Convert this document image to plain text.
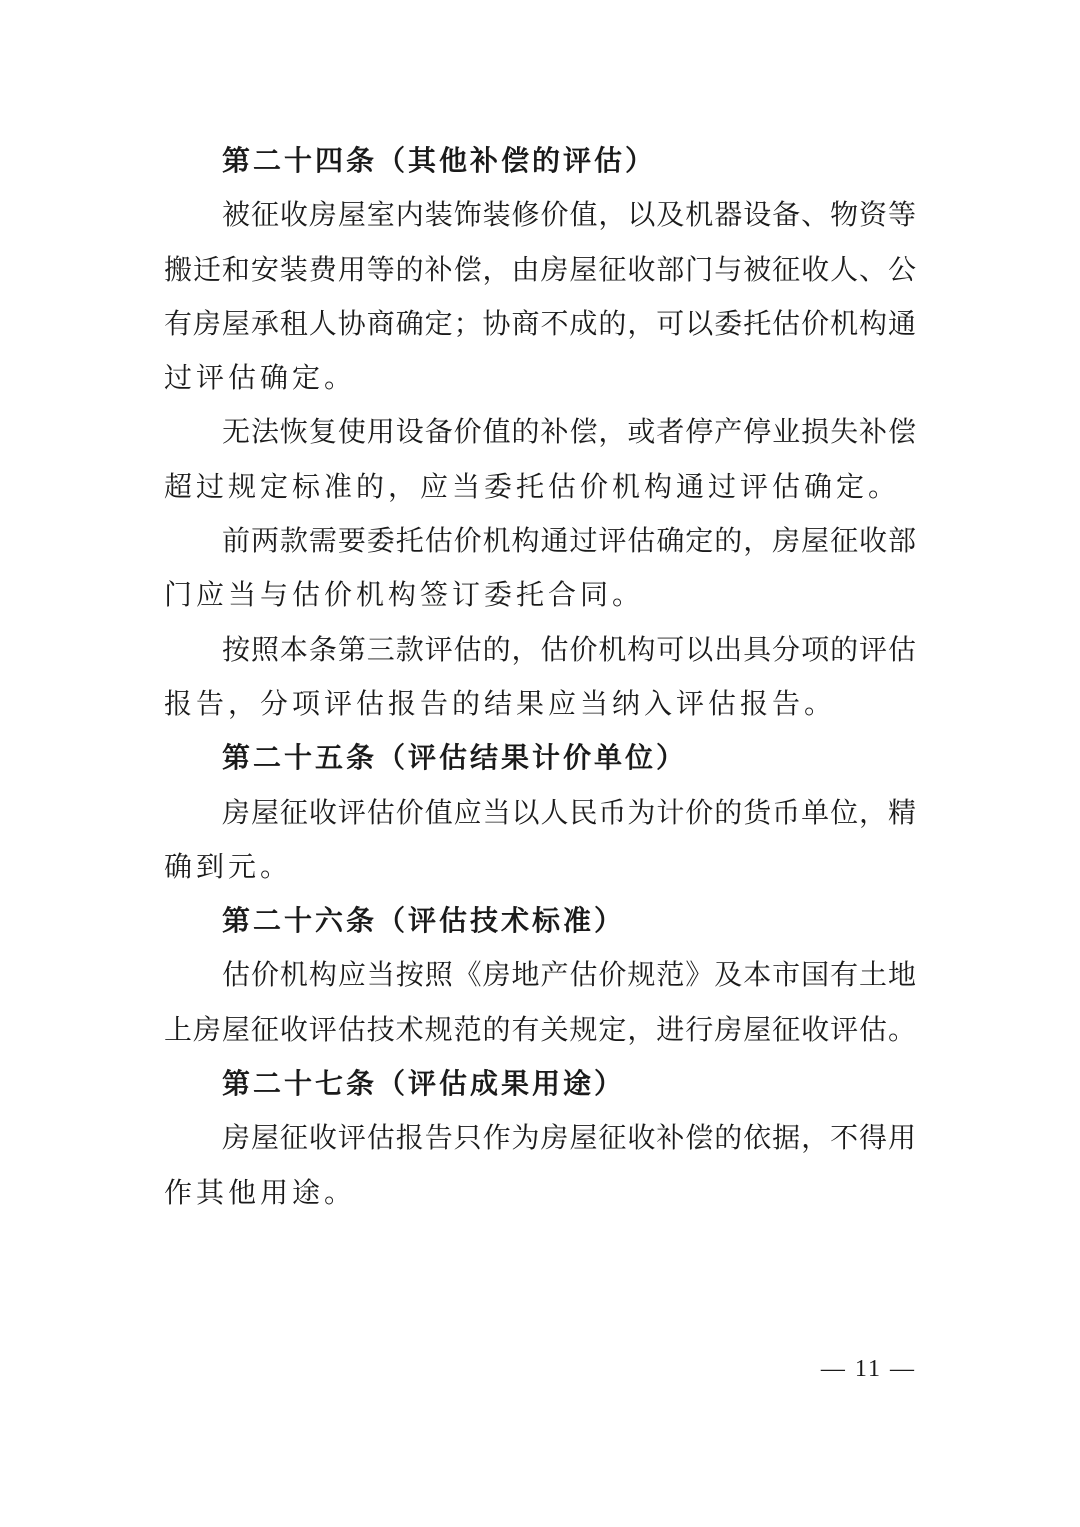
第二十四条（其他补偿的评估）
被征收房屋室内装饰装修价值，以及机器设备、物资等
搬迁和安装费用等的补偿，由房屋征收部门与被征收人、公
有房屋承租人协商确定；协商不成的，可以委托估价机构通
过评估确定。
无法恢复使用设备价值的补偿，或者停产停业损失补偿
超过规定标准的，应当委托估价机构通过评估确定。
前两款需要委托估价机构通过评估确定的，房屋征收部
门应当与估价机构签订委托合同。
按照本条第三款评估的，估价机构可以出具分项的评估
报告，分项评估报告的结果应当纳入评估报告。
第二十五条（评估结果计价单位）
房屋征收评估价值应当以人民币为计价的货币单位，精
确到元。
第二十六条（评估技术标准）
估价机构应当按照《房地产估价规范》及本市国有土地
上房屋征收评估技术规范的有关规定，进行房屋征收评估。
第二十七条（评估成果用途）
房屋征收评估报告只作为房屋征收补偿的依据，不得用
作其他用途。
— 11 —
